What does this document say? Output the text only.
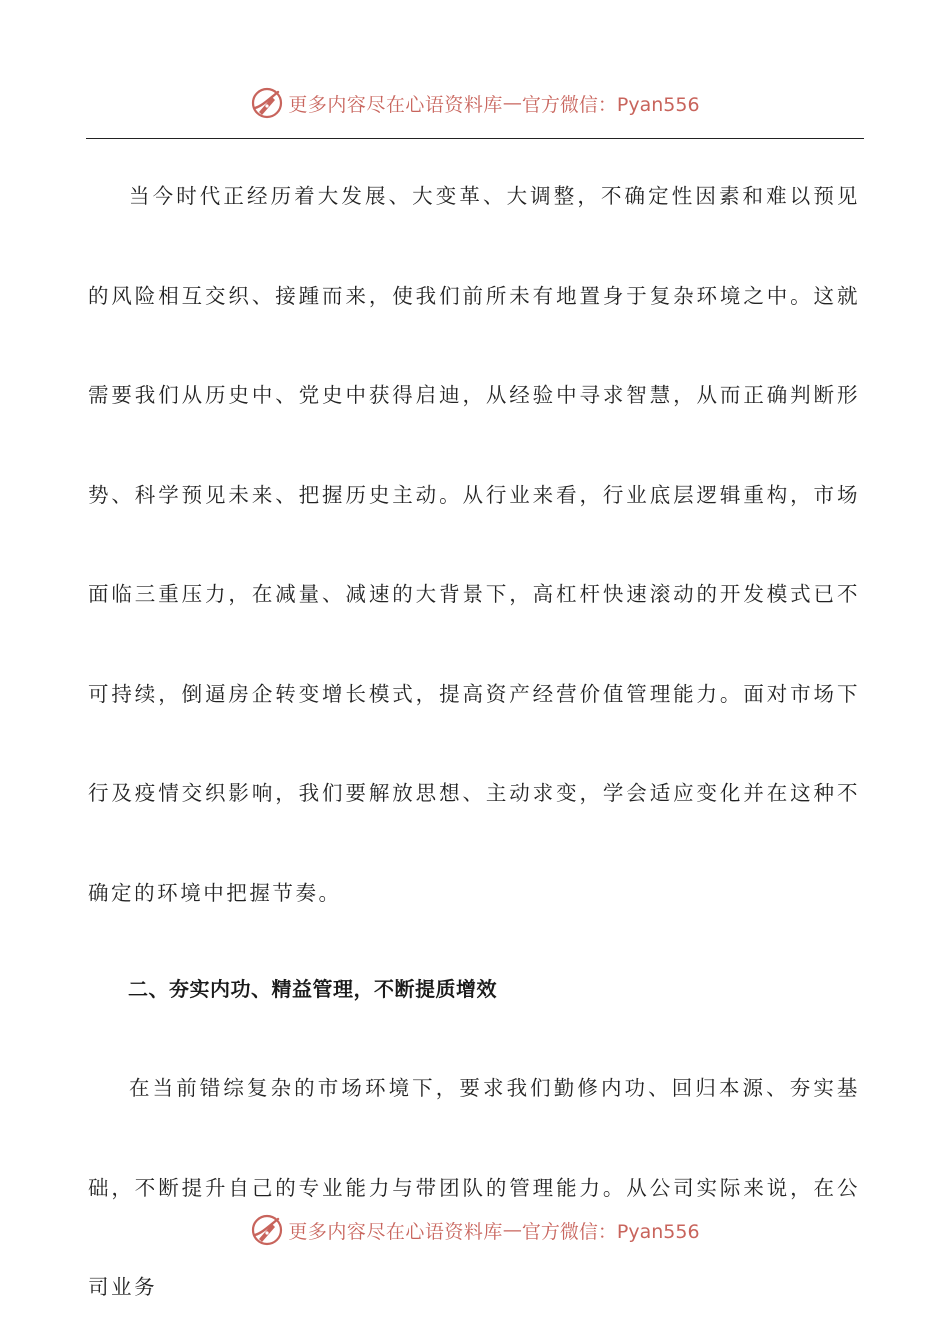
更多内容尽在心语资料库 — 官方微信：Pyan556

当今时代正经历着大发展、大变革、大调整，不确定性因素和难以预见的风险相互交织、接踵而来，使我们前所未有地置身于复杂环境之中。这就需要我们从历史中、党史中获得启迪，从经验中寻求智慧，从而正确判断形势、科学预见未来、把握历史主动。从行业来看，行业底层逻辑重构，市场面临三重压力，在减量、减速的大背景下，高杠杆快速滚动的开发模式已不可持续，倒逼房企转变增长模式，提高资产经营价值管理能力。面对市场下行及疫情交织影响，我们要解放思想、主动求变，学会适应变化并在这种不确定的环境中把握节奏。

二、夯实内功、精益管理，不断提质增效

在当前错综复杂的市场环境下，要求我们勤修内功、回归本源、夯实基础，不断提升自己的专业能力与带团队的管理能力。从公司实际来说，在公司业务

更多内容尽在心语资料库 — 官方微信：Pyan556
